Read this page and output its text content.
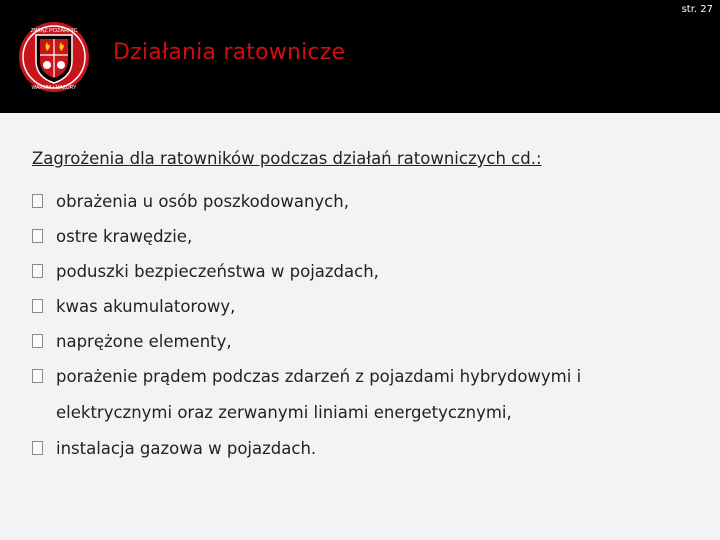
str. 27
ZWIĄZ POŻARNIC
WARMIA i MAZURY
Działania ratownicze
Zagrożenia dla ratowników podczas działań ratowniczych cd.:
obrażenia u osób poszkodowanych,
ostre krawędzie,
poduszki bezpieczeństwa w pojazdach,
kwas akumulatorowy,
naprężone elementy,
porażenie prądem podczas zdarzeń z pojazdami hybrydowymi i elektrycznymi oraz zerwanymi liniami energetycznymi,
instalacja gazowa w pojazdach.
